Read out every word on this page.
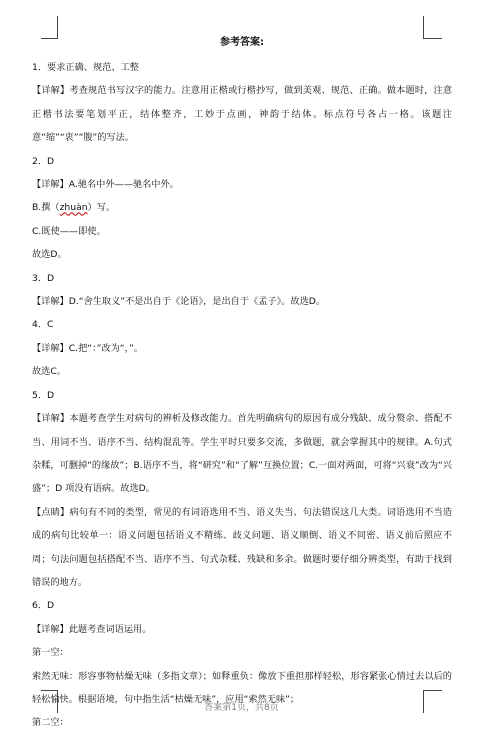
参考答案:
1．要求正确、规范、工整
【详解】考查规范书写汉字的能力。注意用正楷或行楷抄写，做到美观、规范、正确。做本题时，注意正楷书法要笔划平正，结体整齐，工妙于点画，神韵于结体。标点符号各占一格。该题注意“缩”“衷”“腹”的写法。
2．D
【详解】A.驰名中外——驰名中外。
B.撰（zhuàn）写。
C.既使——即使。
故选D。
3．D
【详解】D.“舍生取义”不是出自于《论语》，是出自于《孟子》。故选D。
4．C
【详解】C.把“：”改为“，”。
故选C。
5．D
【详解】本题考查学生对病句的辨析及修改能力。首先明确病句的原因有成分残缺、成分赘余、搭配不当、用词不当、语序不当、结构混乱等。学生平时只要多交流，多做题，就会掌握其中的规律。A.句式杂糅，可删掉“的缘故”；B.语序不当，将“研究”和“了解”互换位置；C.一面对两面，可将“兴衰”改为“兴盛”；D 项没有语病。故选D。
【点睛】病句有不同的类型，常见的有词语选用不当、语义失当、句法错误这几大类。词语选用不当造成的病句比较单一：语义问题包括语义不精练、歧义问题、语义顺倒、语义不同密、语义前后照应不周；句法问题包括搭配不当、语序不当、句式杂糅、残缺和多余。做题时要仔细分辨类型，有助于找到错误的地方。
6．D
【详解】此题考查词语运用。
第一空：
索然无味：形容事物枯燥无味（多指文章）；如释重负：像放下重担那样轻松，形容紧张心情过去以后的轻松愉快。根据语境，句中指生活“枯燥无味”，应用“索然无味”；
第二空：
答案第1页，共8页
